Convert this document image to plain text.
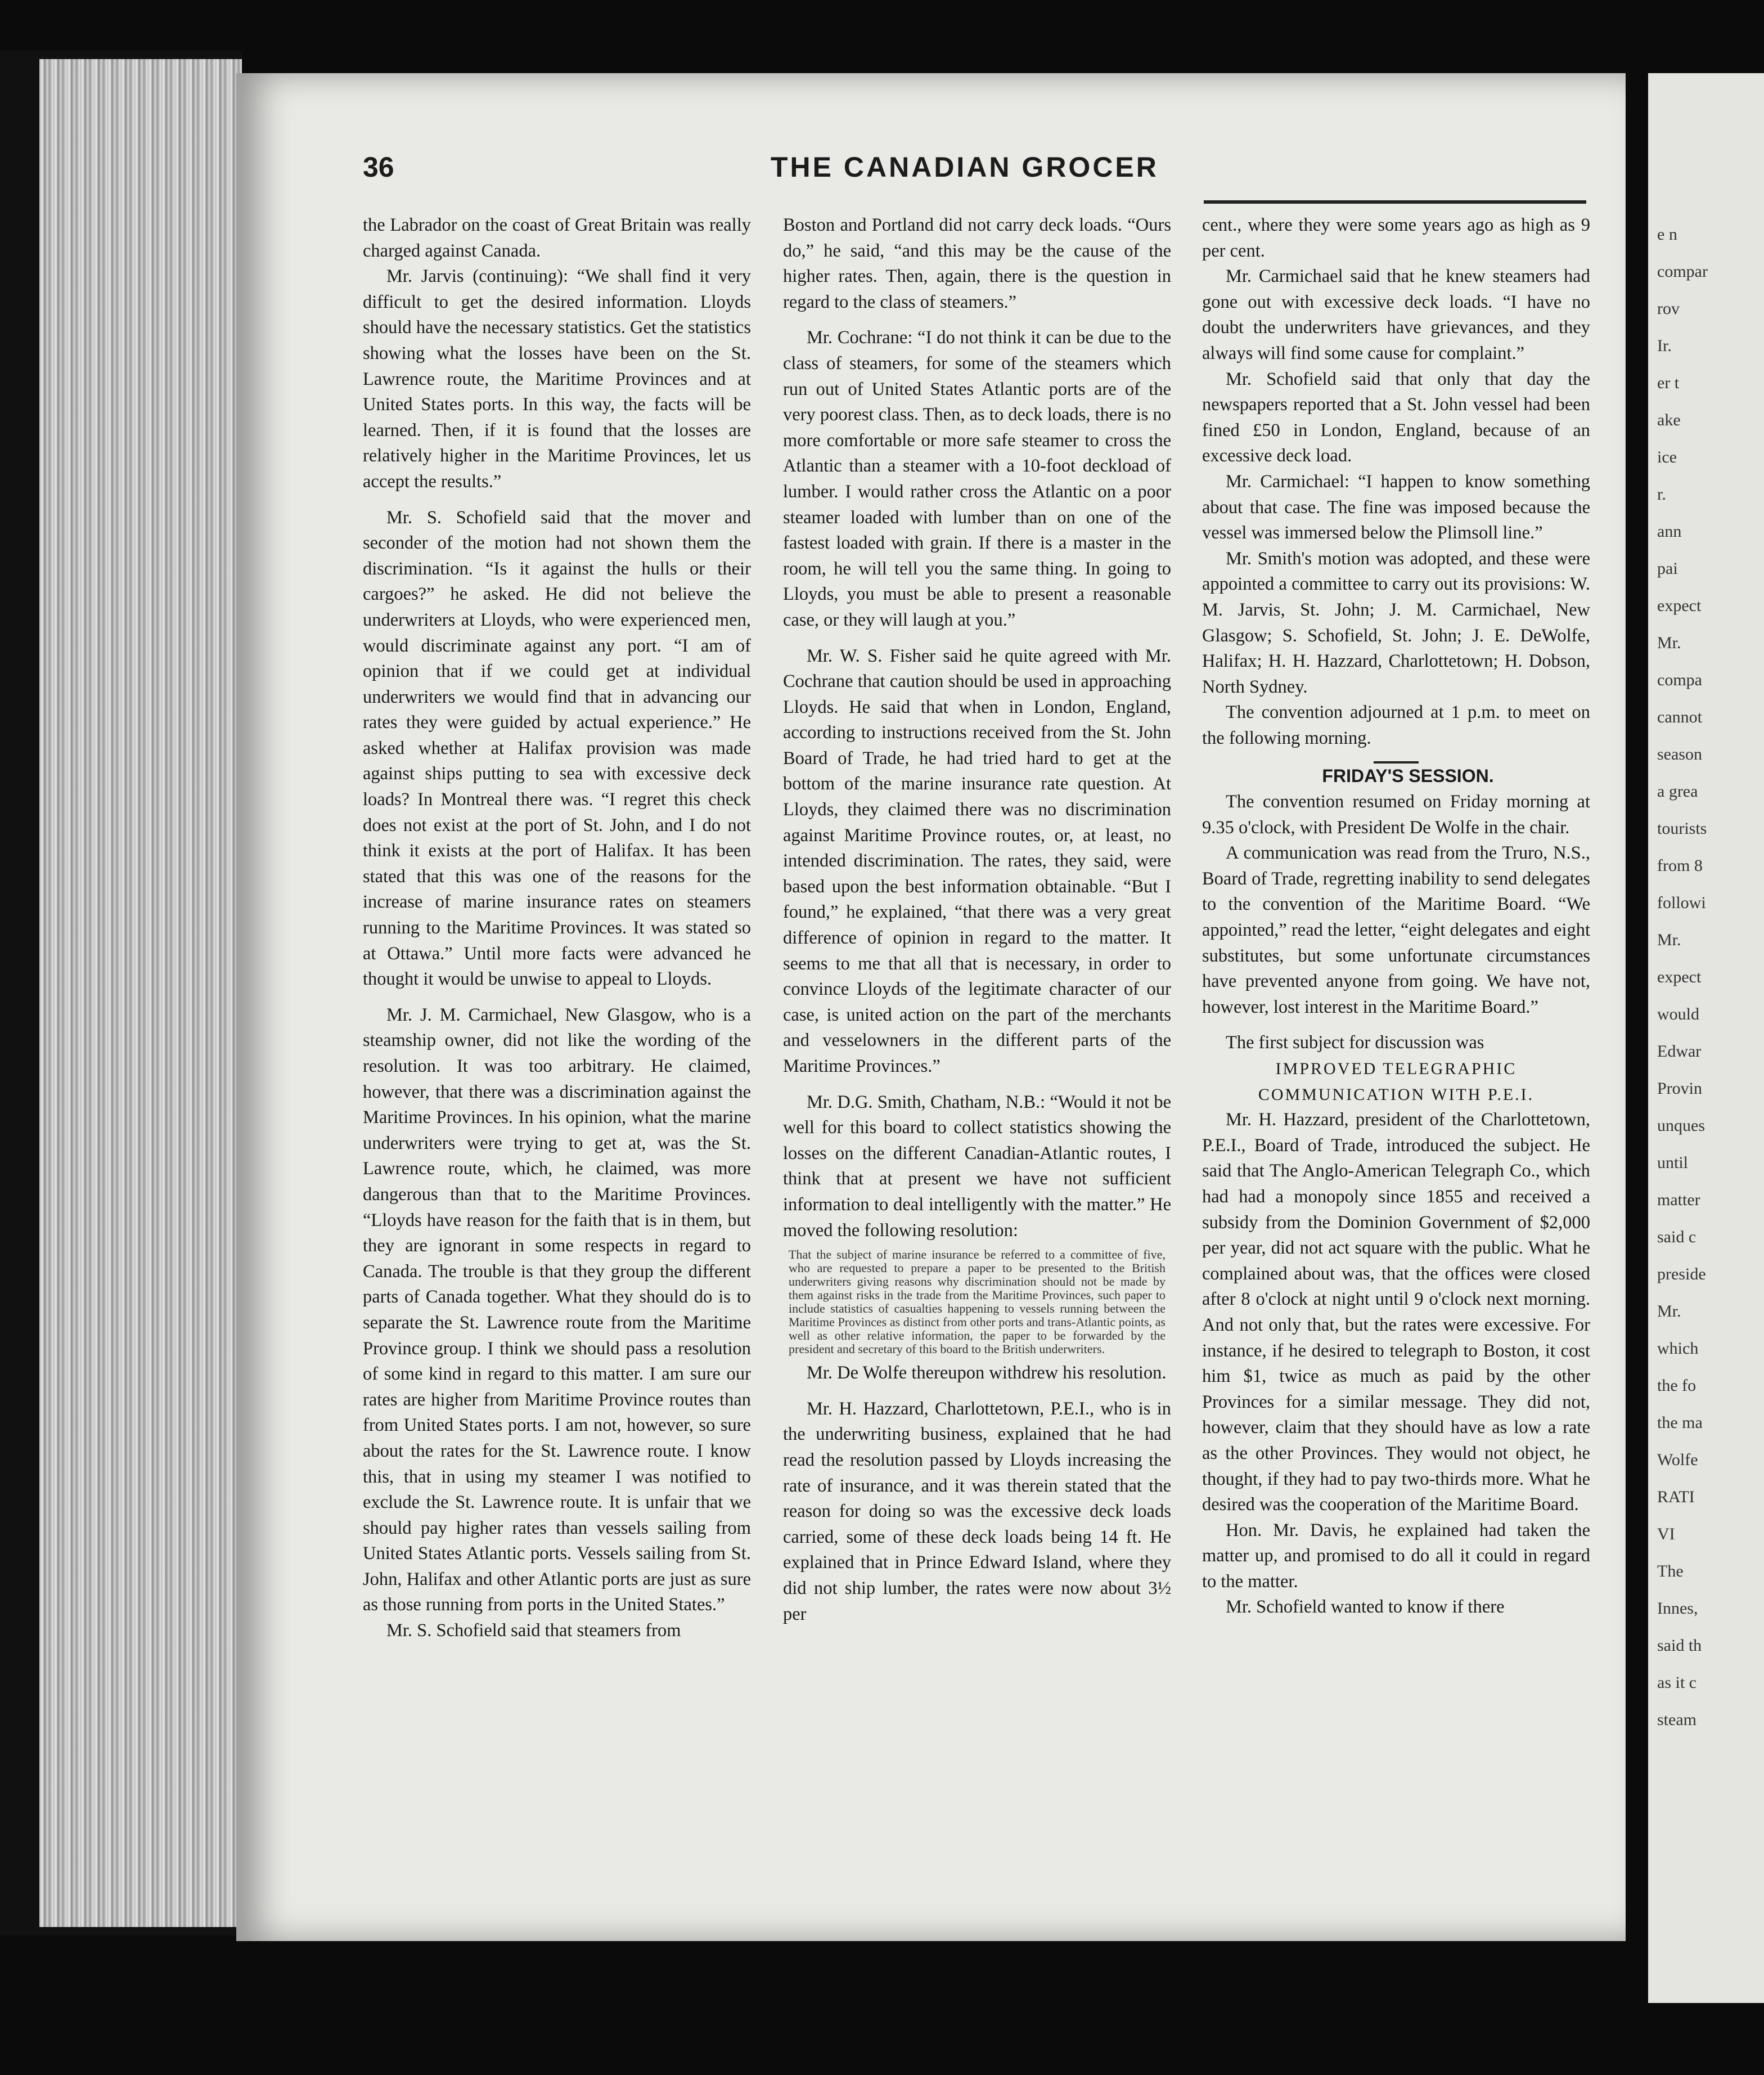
e n
compar
rov
Ir.
er t
ake
ice
r.
ann
pai
expect
Mr.
compa
cannot
season
a grea
tourists
from 8
followi
Mr.
expect
would
Edwar
Provin
unques
until
matter
said c
preside
Mr.
which
the fo
the ma
Wolfe
RATI
VI
The
Innes,
said th
as it c
steam
36	THE CANADIAN GROCER

the Labrador on the coast of Great Britain was really charged against Canada.

Mr. Jarvis (continuing): “We shall find it very difficult to get the desired information. Lloyds should have the necessary statistics. Get the statistics showing what the losses have been on the St. Lawrence route, the Maritime Provinces and at United States ports. In this way, the facts will be learned. Then, if it is found that the losses are relatively higher in the Maritime Provinces, let us accept the results.”

Mr. S. Schofield said that the mover and seconder of the motion had not shown them the discrimination. “Is it against the hulls or their cargoes?” he asked. He did not believe the underwriters at Lloyds, who were experienced men, would discriminate against any port. “I am of opinion that if we could get at individual underwriters we would find that in advancing our rates they were guided by actual experience.” He asked whether at Halifax provision was made against ships putting to sea with excessive deck loads? In Montreal there was. “I regret this check does not exist at the port of St. John, and I do not think it exists at the port of Halifax. It has been stated that this was one of the reasons for the increase of marine insurance rates on steamers running to the Maritime Provinces. It was stated so at Ottawa.” Until more facts were advanced he thought it would be unwise to appeal to Lloyds.

Mr. J. M. Carmichael, New Glasgow, who is a steamship owner, did not like the wording of the resolution. It was too arbitrary. He claimed, however, that there was a discrimination against the Maritime Provinces. In his opinion, what the marine underwriters were trying to get at, was the St. Lawrence route, which, he claimed, was more dangerous than that to the Maritime Provinces. “Lloyds have reason for the faith that is in them, but they are ignorant in some respects in regard to Canada. The trouble is that they group the different parts of Canada together. What they should do is to separate the St. Lawrence route from the Maritime Province group. I think we should pass a resolution of some kind in regard to this matter. I am sure our rates are higher from Maritime Province routes than from United States ports. I am not, however, so sure about the rates for the St. Lawrence route. I know this, that in using my steamer I was notified to exclude the St. Lawrence route. It is unfair that we should pay higher rates than vessels sailing from United States Atlantic ports. Vessels sailing from St. John, Halifax and other Atlantic ports are just as sure as those running from ports in the United States.”

Mr. S. Schofield said that steamers from

Boston and Portland did not carry deck loads. “Ours do,” he said, “and this may be the cause of the higher rates. Then, again, there is the question in regard to the class of steamers.”

Mr. Cochrane: “I do not think it can be due to the class of steamers, for some of the steamers which run out of United States Atlantic ports are of the very poorest class. Then, as to deck loads, there is no more comfortable or more safe steamer to cross the Atlantic than a steamer with a 10-foot deckload of lumber. I would rather cross the Atlantic on a poor steamer loaded with lumber than on one of the fastest loaded with grain. If there is a master in the room, he will tell you the same thing. In going to Lloyds, you must be able to present a reasonable case, or they will laugh at you.”

Mr. W. S. Fisher said he quite agreed with Mr. Cochrane that caution should be used in approaching Lloyds. He said that when in London, England, according to instructions received from the St. John Board of Trade, he had tried hard to get at the bottom of the marine insurance rate question. At Lloyds, they claimed there was no discrimination against Maritime Province routes, or, at least, no intended discrimination. The rates, they said, were based upon the best information obtainable. “But I found,” he explained, “that there was a very great difference of opinion in regard to the matter. It seems to me that all that is necessary, in order to convince Lloyds of the legitimate character of our case, is united action on the part of the merchants and vesselowners in the different parts of the Maritime Provinces.”

Mr. D.G. Smith, Chatham, N.B.: “Would it not be well for this board to collect statistics showing the losses on the different Canadian-Atlantic routes, I think that at present we have not sufficient information to deal intelligently with the matter.” He moved the following resolution:

That the subject of marine insurance be referred to a committee of five, who are requested to prepare a paper to be presented to the British underwriters giving reasons why discrimination should not be made by them against risks in the trade from the Maritime Provinces, such paper to include statistics of casualties happening to vessels running between the Maritime Provinces as distinct from other ports and trans-Atlantic points, as well as other relative information, the paper to be forwarded by the president and secretary of this board to the British underwriters.

Mr. De Wolfe thereupon withdrew his resolution.

Mr. H. Hazzard, Charlottetown, P.E.I., who is in the underwriting business, explained that he had read the resolution passed by Lloyds increasing the rate of insurance, and it was therein stated that the reason for doing so was the excessive deck loads carried, some of these deck loads being 14 ft. He explained that in Prince Edward Island, where they did not ship lumber, the rates were now about 3½ per

cent., where they were some years ago as high as 9 per cent.

Mr. Carmichael said that he knew steamers had gone out with excessive deck loads. “I have no doubt the underwriters have grievances, and they always will find some cause for complaint.”

Mr. Schofield said that only that day the newspapers reported that a St. John vessel had been fined £50 in London, England, because of an excessive deck load.

Mr. Carmichael: “I happen to know something about that case. The fine was imposed because the vessel was immersed below the Plimsoll line.”

Mr. Smith's motion was adopted, and these were appointed a committee to carry out its provisions: W. M. Jarvis, St. John; J. M. Carmichael, New Glasgow; S. Schofield, St. John; J. E. DeWolfe, Halifax; H. H. Hazzard, Charlottetown; H. Dobson, North Sydney.

The convention adjourned at 1 p.m. to meet on the following morning.

FRIDAY'S SESSION.

The convention resumed on Friday morning at 9.35 o'clock, with President De Wolfe in the chair.

A communication was read from the Truro, N.S., Board of Trade, regretting inability to send delegates to the convention of the Maritime Board. “We appointed,” read the letter, “eight delegates and eight substitutes, but some unfortunate circumstances have prevented anyone from going. We have not, however, lost interest in the Maritime Board.”

The first subject for discussion was

IMPROVED TELEGRAPHIC COMMUNICATION WITH P.E.I.

Mr. H. Hazzard, president of the Charlottetown, P.E.I., Board of Trade, introduced the subject. He said that The Anglo-American Telegraph Co., which had had a monopoly since 1855 and received a subsidy from the Dominion Government of $2,000 per year, did not act square with the public. What he complained about was, that the offices were closed after 8 o'clock at night until 9 o'clock next morning. And not only that, but the rates were excessive. For instance, if he desired to telegraph to Boston, it cost him $1, twice as much as paid by the other Provinces for a similar message. They did not, however, claim that they should have as low a rate as the other Provinces. They would not object, he thought, if they had to pay two-thirds more. What he desired was the cooperation of the Maritime Board.

Hon. Mr. Davis, he explained had taken the matter up, and promised to do all it could in regard to the matter.

Mr. Schofield wanted to know if there
